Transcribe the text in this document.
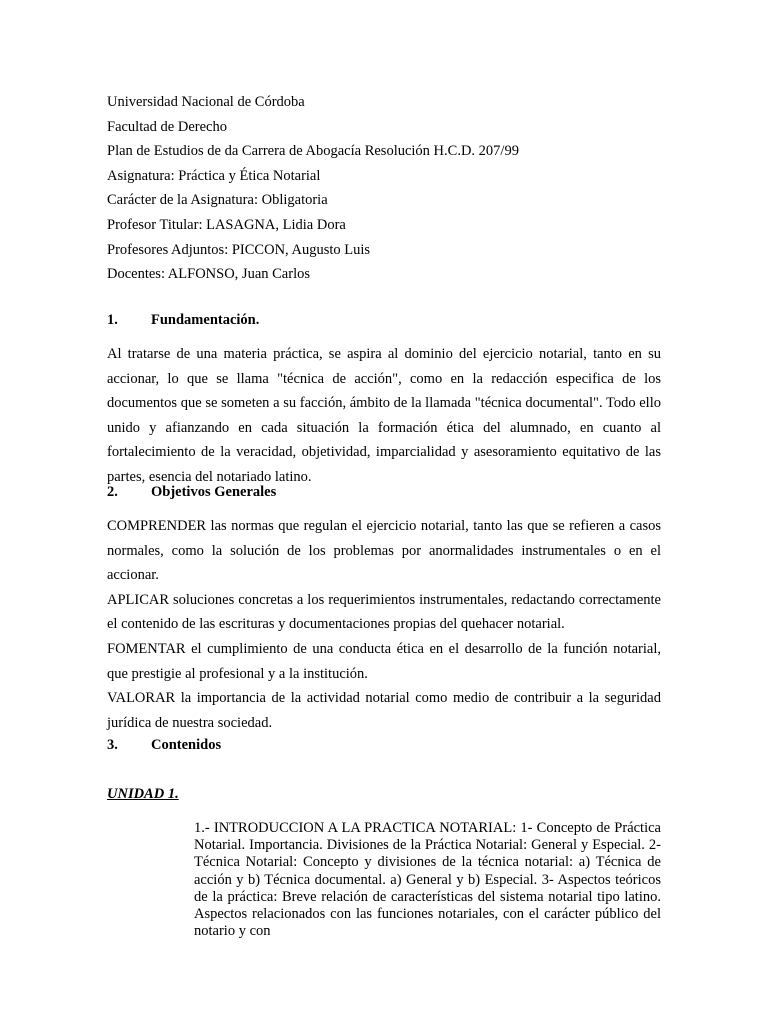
Universidad Nacional de Córdoba
Facultad de Derecho
Plan de Estudios de da Carrera de Abogacía Resolución H.C.D. 207/99
Asignatura: Práctica y Ética Notarial
Carácter de la Asignatura: Obligatoria
Profesor Titular: LASAGNA, Lidia Dora
Profesores Adjuntos: PICCON, Augusto Luis
Docentes: ALFONSO, Juan Carlos
1. Fundamentación.
Al tratarse de una materia práctica, se aspira al dominio del ejercicio notarial, tanto en su accionar, lo que se llama "técnica de acción", como en la redacción especifica de los documentos que se someten a su facción, ámbito de la llamada "técnica documental". Todo ello unido y afianzando en cada situación la formación ética del alumnado, en cuanto al fortalecimiento de la veracidad, objetividad, imparcialidad y asesoramiento equitativo de las partes, esencia del notariado latino.
2. Objetivos Generales
COMPRENDER las normas que regulan el ejercicio notarial, tanto las que se refieren a casos normales, como la solución de los problemas por anormalidades instrumentales o en el accionar.
APLICAR soluciones concretas a los requerimientos instrumentales, redactando correctamente el contenido de las escrituras y documentaciones propias del quehacer notarial.
FOMENTAR el cumplimiento de una conducta ética en el desarrollo de la función notarial, que prestigie al profesional y a la institución.
VALORAR la importancia de la actividad notarial como medio de contribuir a la seguridad jurídica de nuestra sociedad.
3. Contenidos
UNIDAD 1.
1.- INTRODUCCION A LA PRACTICA NOTARIAL: 1- Concepto de Práctica Notarial. Importancia. Divisiones de la Práctica Notarial: General y Especial. 2- Técnica Notarial: Concepto y divisiones de la técnica notarial: a) Técnica de acción y b) Técnica documental. a) General y b) Especial. 3- Aspectos teóricos de la práctica: Breve relación de características del sistema notarial tipo latino. Aspectos relacionados con las funciones notariales, con el carácter público del notario y con
